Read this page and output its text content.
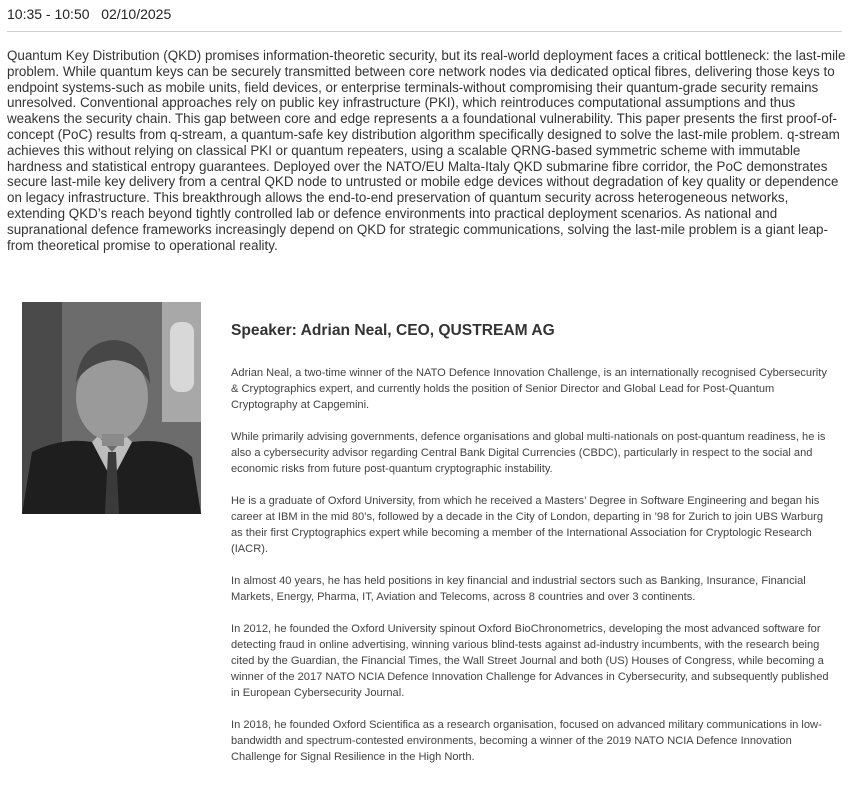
10:35 - 10:50 02/10/2025
Quantum Key Distribution (QKD) promises information-theoretic security, but its real-world deployment faces a critical bottleneck: the last-mile problem. While quantum keys can be securely transmitted between core network nodes via dedicated optical fibres, delivering those keys to endpoint systems-such as mobile units, field devices, or enterprise terminals-without compromising their quantum-grade security remains unresolved. Conventional approaches rely on public key infrastructure (PKI), which reintroduces computational assumptions and thus weakens the security chain. This gap between core and edge represents a a foundational vulnerability. This paper presents the first proof-of-concept (PoC) results from q-stream, a quantum-safe key distribution algorithm specifically designed to solve the last-mile problem. q-stream achieves this without relying on classical PKI or quantum repeaters, using a scalable QRNG-based symmetric scheme with immutable hardness and statistical entropy guarantees. Deployed over the NATO/EU Malta-Italy QKD submarine fibre corridor, the PoC demonstrates secure last-mile key delivery from a central QKD node to untrusted or mobile edge devices without degradation of key quality or dependence on legacy infrastructure. This breakthrough allows the end-to-end preservation of quantum security across heterogeneous networks, extending QKD’s reach beyond tightly controlled lab or defence environments into practical deployment scenarios. As national and supranational defence frameworks increasingly depend on QKD for strategic communications, solving the last-mile problem is a giant leap-from theoretical promise to operational reality.
Speaker: Adrian Neal, CEO, QUSTREAM AG

Adrian Neal, a two-time winner of the NATO Defence Innovation Challenge, is an internationally recognised Cybersecurity & Cryptographics expert, and currently holds the position of Senior Director and Global Lead for Post-Quantum Cryptography at Capgemini.

While primarily advising governments, defence organisations and global multi-nationals on post-quantum readiness, he is also a cybersecurity advisor regarding Central Bank Digital Currencies (CBDC), particularly in respect to the social and economic risks from future post-quantum cryptographic instability.

He is a graduate of Oxford University, from which he received a Masters’ Degree in Software Engineering and began his career at IBM in the mid 80’s, followed by a decade in the City of London, departing in ’98 for Zurich to join UBS Warburg as their first Cryptographics expert while becoming a member of the International Association for Cryptologic Research (IACR).

In almost 40 years, he has held positions in key financial and industrial sectors such as Banking, Insurance, Financial Markets, Energy, Pharma, IT, Aviation and Telecoms, across 8 countries and over 3 continents.

In 2012, he founded the Oxford University spinout Oxford BioChronometrics, developing the most advanced software for detecting fraud in online advertising, winning various blind-tests against ad-industry incumbents, with the research being cited by the Guardian, the Financial Times, the Wall Street Journal and both (US) Houses of Congress, while becoming a winner of the 2017 NATO NCIA Defence Innovation Challenge for Advances in Cybersecurity, and subsequently published in European Cybersecurity Journal.

In 2018, he founded Oxford Scientifica as a research organisation, focused on advanced military communications in low-bandwidth and spectrum-contested environments, becoming a winner of the 2019 NATO NCIA Defence Innovation Challenge for Signal Resilience in the High North.
